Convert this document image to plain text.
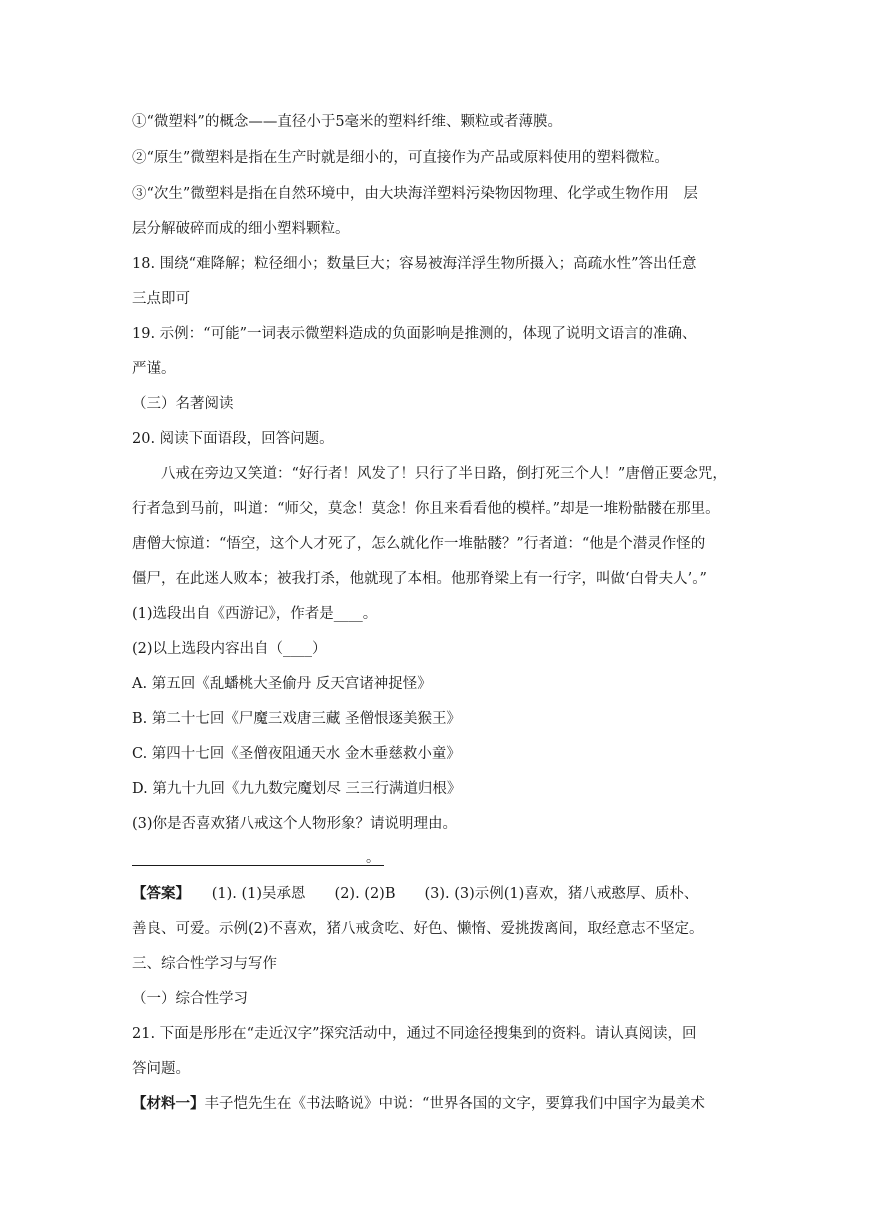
①“微塑料”的概念——直径小于5毫米的塑料纤维、颗粒或者薄膜。
②“原生”微塑料是指在生产时就是细小的，可直接作为产品或原料使用的塑料微粒。
③“次生”微塑料是指在自然环境中，由大块海洋塑料污染物因物理、化学或生物作用　层
层分解破碎而成的细小塑料颗粒。
18. 围绕“难降解；粒径细小；数量巨大；容易被海洋浮生物所摄入；高疏水性”答出任意
三点即可
19. 示例：“可能”一词表示微塑料造成的负面影响是推测的，体现了说明文语言的准确、
严谨。
（三）名著阅读
20. 阅读下面语段，回答问题。
八戒在旁边又笑道：“好行者！风发了！只行了半日路，倒打死三个人！”唐僧正要念咒，
行者急到马前，叫道：“师父，莫念！莫念！你且来看看他的模样。”却是一堆粉骷髅在那里。
唐僧大惊道：“悟空，这个人才死了，怎么就化作一堆骷髅？”行者道：“他是个潜灵作怪的
僵尸，在此迷人败本；被我打杀，他就现了本相。他那脊梁上有一行字，叫做‘白骨夫人’。”
(1)选段出自《西游记》，作者是____。
(2)以上选段内容出自（____）
A. 第五回《乱蟠桃大圣偷丹 反天宫诸神捉怪》
B. 第二十七回《尸魔三戏唐三藏 圣僧恨逐美猴王》
C. 第四十七回《圣僧夜阻通天水 金木垂慈救小童》
D. 第九十九回《九九数完魔划尽 三三行满道归根》
(3)你是否喜欢猪八戒这个人物形象？请说明理由。
。
【答案】　　(1). (1)吴承恩　　(2). (2)B　　(3). (3)示例(1)喜欢，猪八戒憨厚、质朴、
善良、可爱。示例(2)不喜欢，猪八戒贪吃、好色、懒惰、爱挑拨离间，取经意志不坚定。
三、综合性学习与写作
（一）综合性学习
21. 下面是彤彤在“走近汉字”探究活动中，通过不同途径搜集到的资料。请认真阅读，回
答问题。
【材料一】丰子恺先生在《书法略说》中说：“世界各国的文字，要算我们中国字为最美术
